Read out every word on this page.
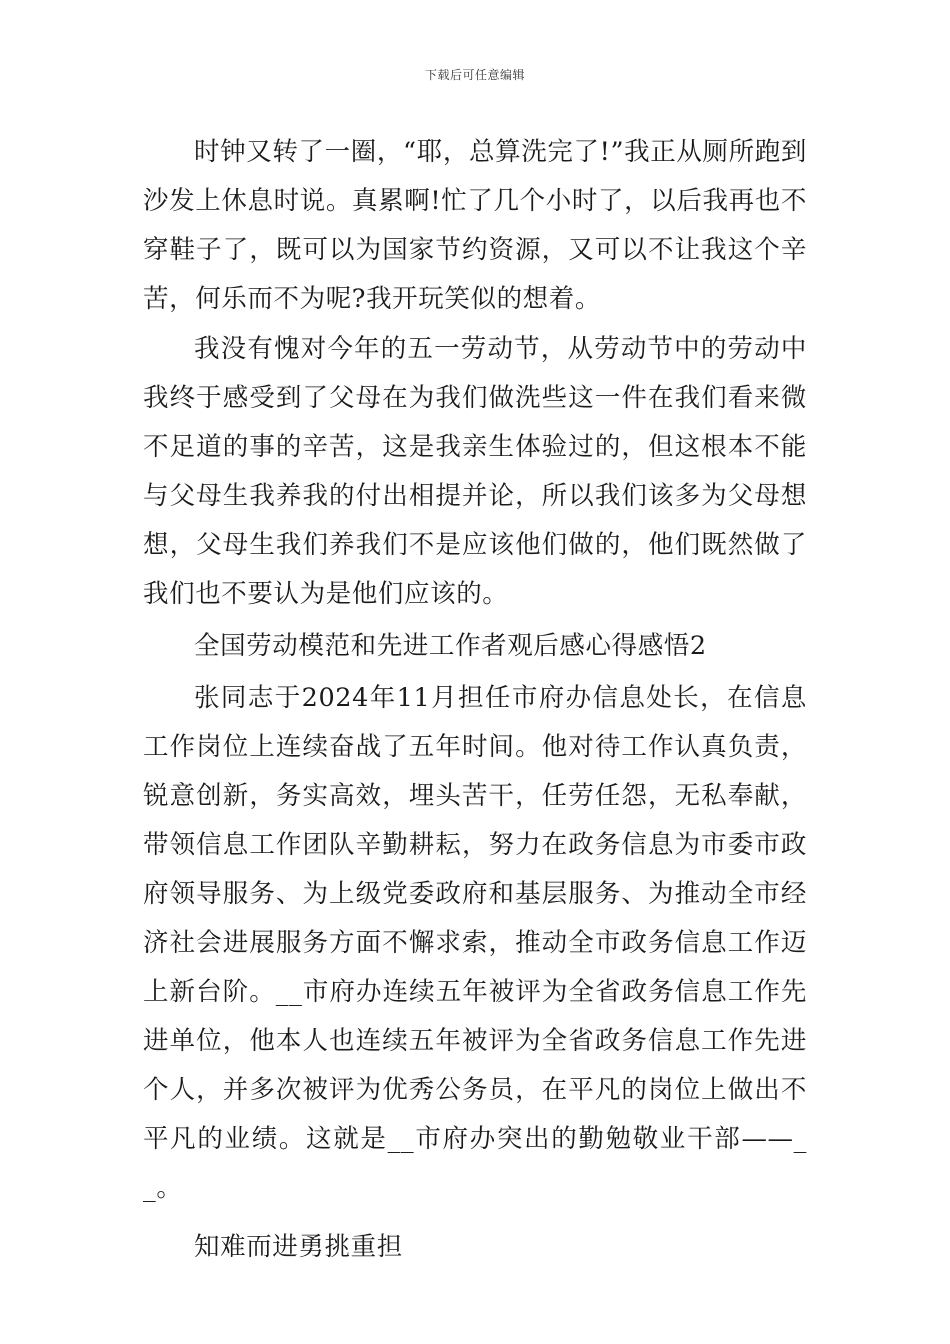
下载后可任意编辑

时钟又转了一圈，“耶，总算洗完了!”我正从厕所跑到沙发上休息时说。真累啊!忙了几个小时了，以后我再也不穿鞋子了，既可以为国家节约资源，又可以不让我这个辛苦，何乐而不为呢?我开玩笑似的想着。

我没有愧对今年的五一劳动节，从劳动节中的劳动中我终于感受到了父母在为我们做洗些这一件在我们看来微不足道的事的辛苦，这是我亲生体验过的，但这根本不能与父母生我养我的付出相提并论，所以我们该多为父母想想，父母生我们养我们不是应该他们做的，他们既然做了我们也不要认为是他们应该的。

全国劳动模范和先进工作者观后感心得感悟2

张同志于2024年11月担任市府办信息处长，在信息工作岗位上连续奋战了五年时间。他对待工作认真负责，锐意创新，务实高效，埋头苦干，任劳任怨，无私奉献，带领信息工作团队辛勤耕耘，努力在政务信息为市委市政府领导服务、为上级党委政府和基层服务、为推动全市经济社会进展服务方面不懈求索，推动全市政务信息工作迈上新台阶。__市府办连续五年被评为全省政务信息工作先进单位，他本人也连续五年被评为全省政务信息工作先进个人，并多次被评为优秀公务员，在平凡的岗位上做出不平凡的业绩。这就是__市府办突出的勤勉敬业干部——__。

知难而进勇挑重担
